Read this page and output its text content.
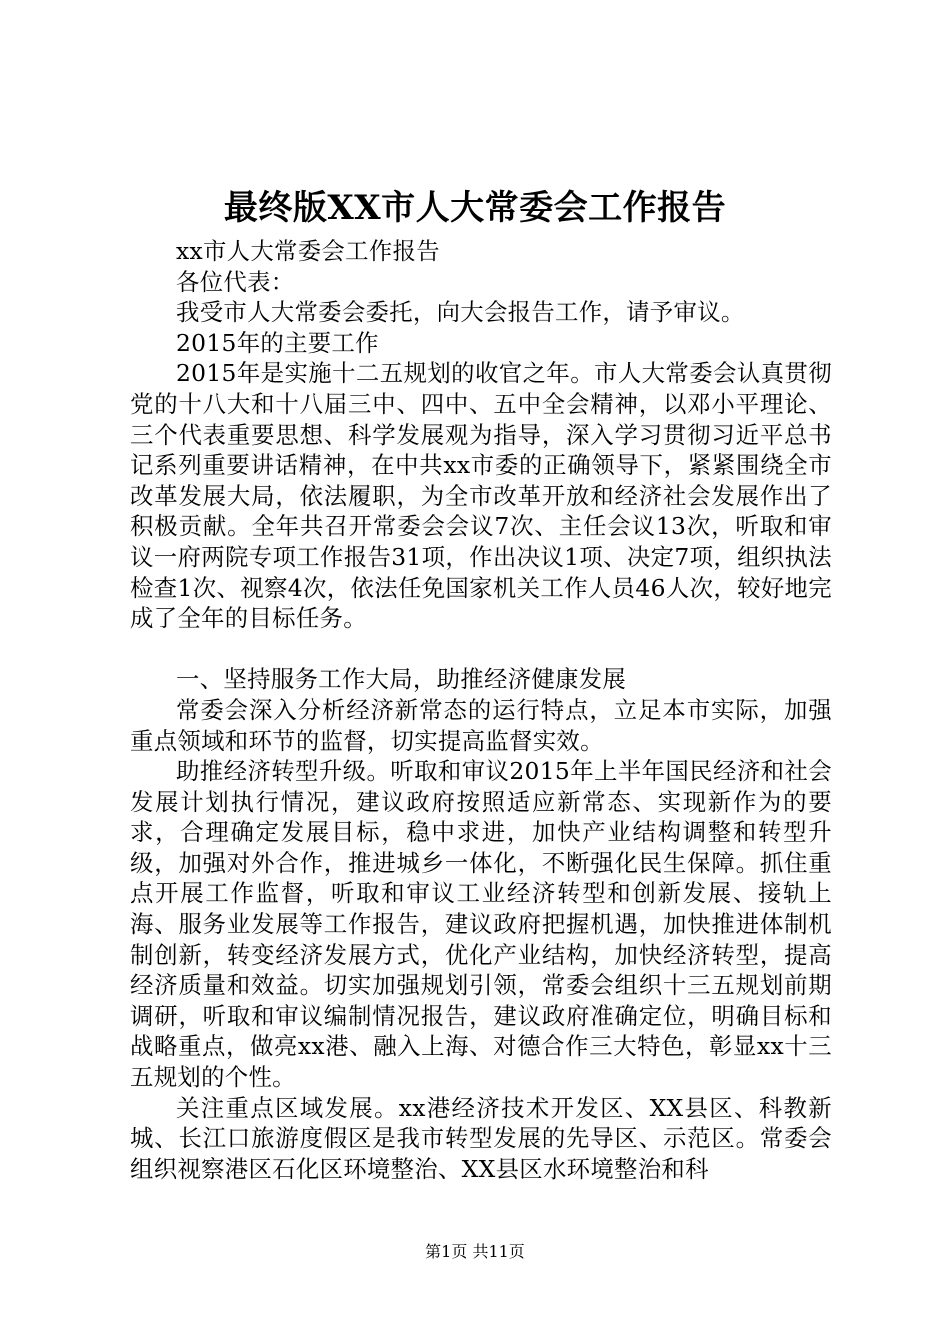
最终版XX市人大常委会工作报告

xx市人大常委会工作报告

各位代表：

我受市人大常委会委托，向大会报告工作，请予审议。

2015年的主要工作

2015年是实施十二五规划的收官之年。市人大常委会认真贯彻党的十八大和十八届三中、四中、五中全会精神，以邓小平理论、三个代表重要思想、科学发展观为指导，深入学习贯彻习近平总书记系列重要讲话精神，在中共xx市委的正确领导下，紧紧围绕全市改革发展大局，依法履职，为全市改革开放和经济社会发展作出了积极贡献。全年共召开常委会会议7次、主任会议13次，听取和审议一府两院专项工作报告31项，作出决议1项、决定7项，组织执法检查1次、视察4次，依法任免国家机关工作人员46人次，较好地完成了全年的目标任务。

一、坚持服务工作大局，助推经济健康发展

常委会深入分析经济新常态的运行特点，立足本市实际，加强重点领域和环节的监督，切实提高监督实效。

助推经济转型升级。听取和审议2015年上半年国民经济和社会发展计划执行情况，建议政府按照适应新常态、实现新作为的要求，合理确定发展目标，稳中求进，加快产业结构调整和转型升级，加强对外合作，推进城乡一体化，不断强化民生保障。抓住重点开展工作监督，听取和审议工业经济转型和创新发展、接轨上海、服务业发展等工作报告，建议政府把握机遇，加快推进体制机制创新，转变经济发展方式，优化产业结构，加快经济转型，提高经济质量和效益。切实加强规划引领，常委会组织十三五规划前期调研，听取和审议编制情况报告，建议政府准确定位，明确目标和战略重点，做亮xx港、融入上海、对德合作三大特色，彰显xx十三五规划的个性。

关注重点区域发展。xx港经济技术开发区、XX县区、科教新城、长江口旅游度假区是我市转型发展的先导区、示范区。常委会组织视察港区石化区环境整治、XX县区水环境整治和科

第1页 共11页
